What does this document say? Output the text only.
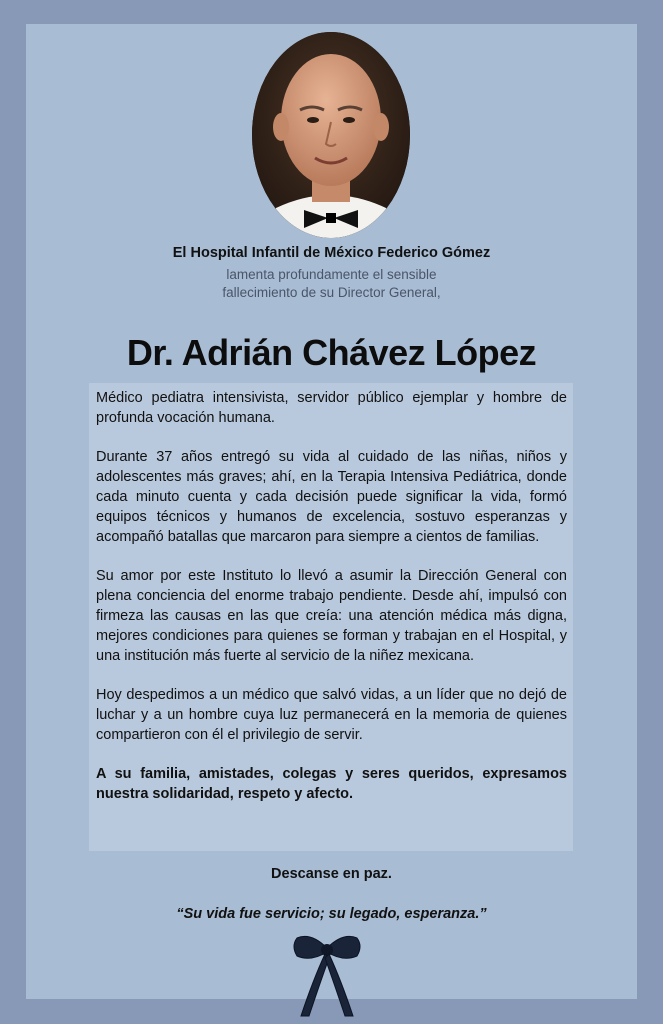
El Hospital Infantil de México Federico Gómez
lamenta profundamente el sensible
fallecimiento de su Director General,
Dr. Adrián Chávez López

Médico pediatra intensivista, servidor público ejemplar y hombre de profunda vocación humana.

Durante 37 años entregó su vida al cuidado de las niñas, niños y adolescentes más graves; ahí, en la Terapia Intensiva Pediátrica, donde cada minuto cuenta y cada decisión puede significar la vida, formó equipos técnicos y humanos de excelencia, sostuvo esperanzas y acompañó batallas que marcaron para siempre a cientos de familias.

Su amor por este Instituto lo llevó a asumir la Dirección General con plena conciencia del enorme trabajo pendiente. Desde ahí, impulsó con firmeza las causas en las que creía: una atención médica más digna, mejores condiciones para quienes se forman y trabajan en el Hospital, y una institución más fuerte al servicio de la niñez mexicana.

Hoy despedimos a un médico que salvó vidas, a un líder que no dejó de luchar y a un hombre cuya luz permanecerá en la memoria de quienes compartieron con él el privilegio de servir.

A su familia, amistades, colegas y seres queridos, expresamos nuestra solidaridad, respeto y afecto.

Descanse en paz.
“Su vida fue servicio; su legado, esperanza.”
